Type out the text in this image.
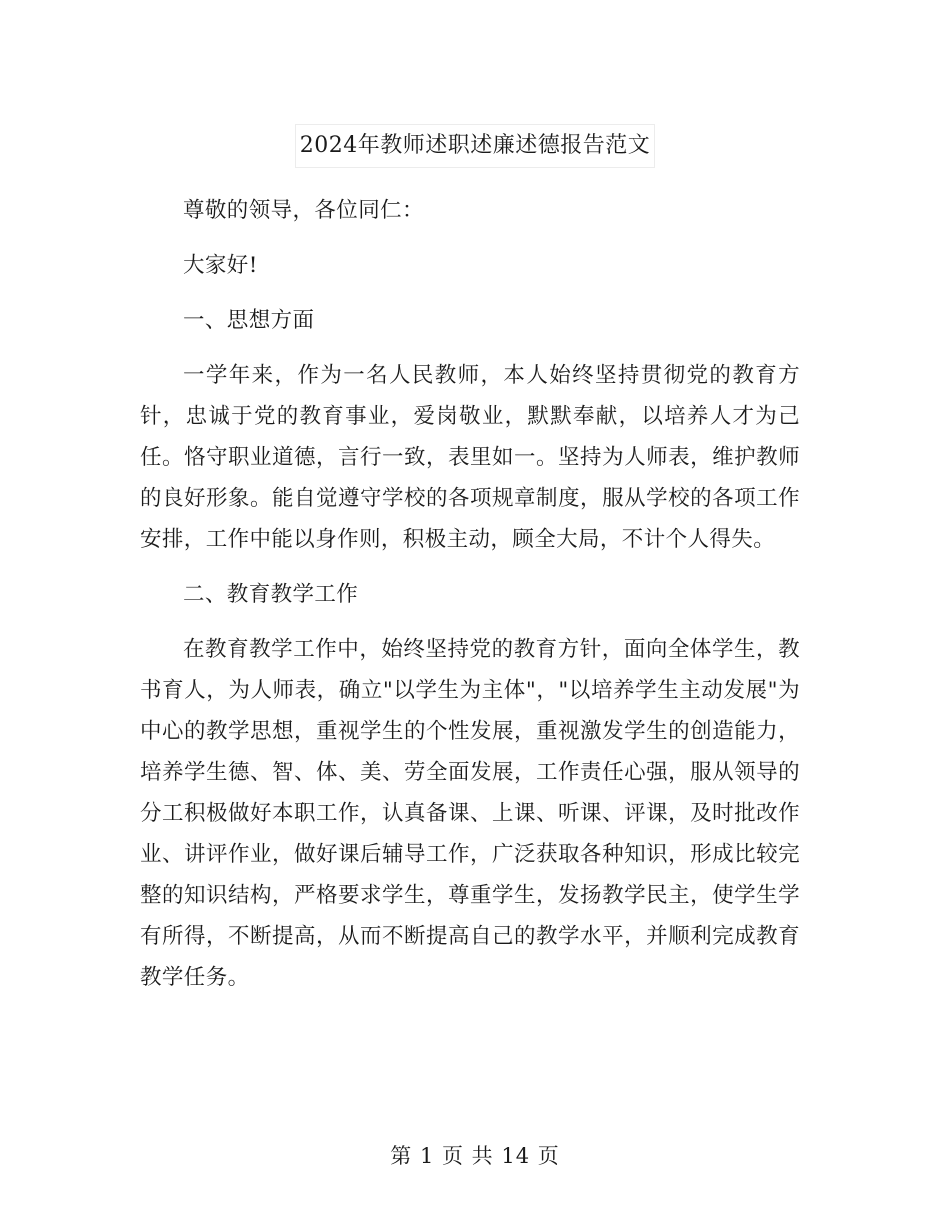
2024年教师述职述廉述德报告范文

尊敬的领导，各位同仁：

大家好!

一、思想方面

一学年来，作为一名人民教师，本人始终坚持贯彻党的教育方针，忠诚于党的教育事业，爱岗敬业，默默奉献，以培养人才为己任。恪守职业道德，言行一致，表里如一。坚持为人师表，维护教师的良好形象。能自觉遵守学校的各项规章制度，服从学校的各项工作安排，工作中能以身作则，积极主动，顾全大局，不计个人得失。

二、教育教学工作

在教育教学工作中，始终坚持党的教育方针，面向全体学生，教书育人，为人师表，确立"以学生为主体"，"以培养学生主动发展"为中心的教学思想，重视学生的个性发展，重视激发学生的创造能力，培养学生德、智、体、美、劳全面发展，工作责任心强，服从领导的分工积极做好本职工作，认真备课、上课、听课、评课，及时批改作业、讲评作业，做好课后辅导工作，广泛获取各种知识，形成比较完整的知识结构，严格要求学生，尊重学生，发扬教学民主，使学生学有所得，不断提高，从而不断提高自己的教学水平，并顺利完成教育教学任务。

第 1 页 共 14 页
